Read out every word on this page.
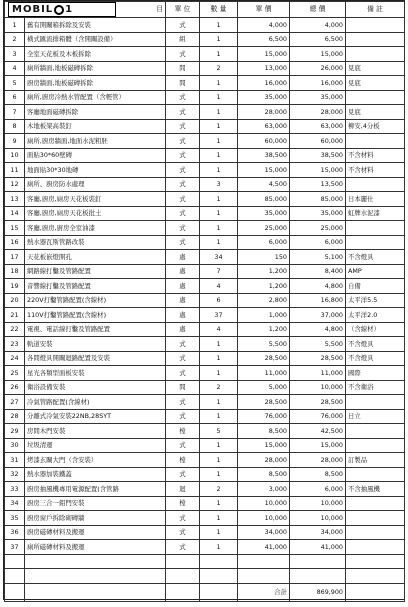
	目	單 位	數 量	單 價	總 價	備 註
1	舊有開關箱拆除及安裝	式	1	4,000	4,000	
2	橫式匯流排箱體（含開關設備）	組	1	6,500	6,500	
3	全室天花板及木板拆除	式	1	15,000	15,000	
4	廁所牆面,地板磁磚拆除	間	2	13,000	26,000	見底
5	廚房牆面,地板磁磚拆除	間	1	16,000	16,000	見底
6	廁所,廚房冷熱水管配置（含輕管）	式	1	35,000	35,000	
7	客廳地面磁磚拆除	式	1	28,000	28,000	見底
8	木地板架高裝釘	式	1	63,000	63,000	柳安,4分板
9	廁所,廚房牆面,地面水泥粗胚	式	1	60,000	60,000	
10	面貼30*60壁磚	式	1	38,500	38,500	不含材料
11	地面貼30*30地磚	式	1	15,000	15,000	不含材料
12	廁所、廚房防水處理	式	3	4,500	13,500	
13	客廳,廚房,廁房天花板裝釘	式	1	85,000	85,000	日本麗仕
14	客廳,廚房,廁房天花板批土	式	1	35,000	35,000	虹牌水泥漆
15	客廳,廚房,廚房全室油漆	式	1	25,000	25,000	
16	熱水器瓦斯管路改裝	式	1	6,000	6,000	
17	天花板嵌燈開孔	處	34	150	5,100	不含燈具
18	網路線打鑿及管路配置	處	7	1,200	8,400	AMP
19	音響線打鑿及管路配置	處	4	1,200	4,800	自備
20	220V打鑿管路配置(含線材)	處	6	2,800	16,800	太平洋5.5
21	110V打鑿管路配置(含線材)	處	37	1,000	37,000	太平洋2.0
22	電視、電話線打鑿及管路配置	處	4	1,200	4,800	（含線材）
23	軌道安裝	式	1	5,500	5,500	不含燈具
24	各間燈具開關迴路配置及安裝	式	1	28,500	28,500	不含燈具
25	星光各類型面板安裝	式	1	11,000	11,000	國際
26	衛浴設備安裝	間	2	5,000	10,000	不含衛浴
27	冷氣管路配置(含線材)	式	1	28,500	28,500	
28	分離式冷氣安裝22NB,28SYT	式	1	76,000	76,000	日立
29	房間木門安裝	樘	5	8,500	42,500	
30	垃圾清運	式	1	15,000	15,000	
31	烤漆玄關大門（含安裝）	樘	1	28,000	28,000	訂製品
32	熱水器加裝鐵蓋	式	1	8,500	8,500	
33	廚房抽風機專用電源配置(含管路	迴	2	3,000	6,000	不含抽風機
34	廚房三合一鋁門安裝	樘	1	10,000	10,000	
35	廚房窗戶拆除砌磚牆	式	1	10,000	10,000	
36	廚房磁磚材料及搬運	式	1	34,000	34,000	
37	廁所磁磚材料及搬運	式	1	41,000	41,000	

				合計	869,900	
MOB IL 1
